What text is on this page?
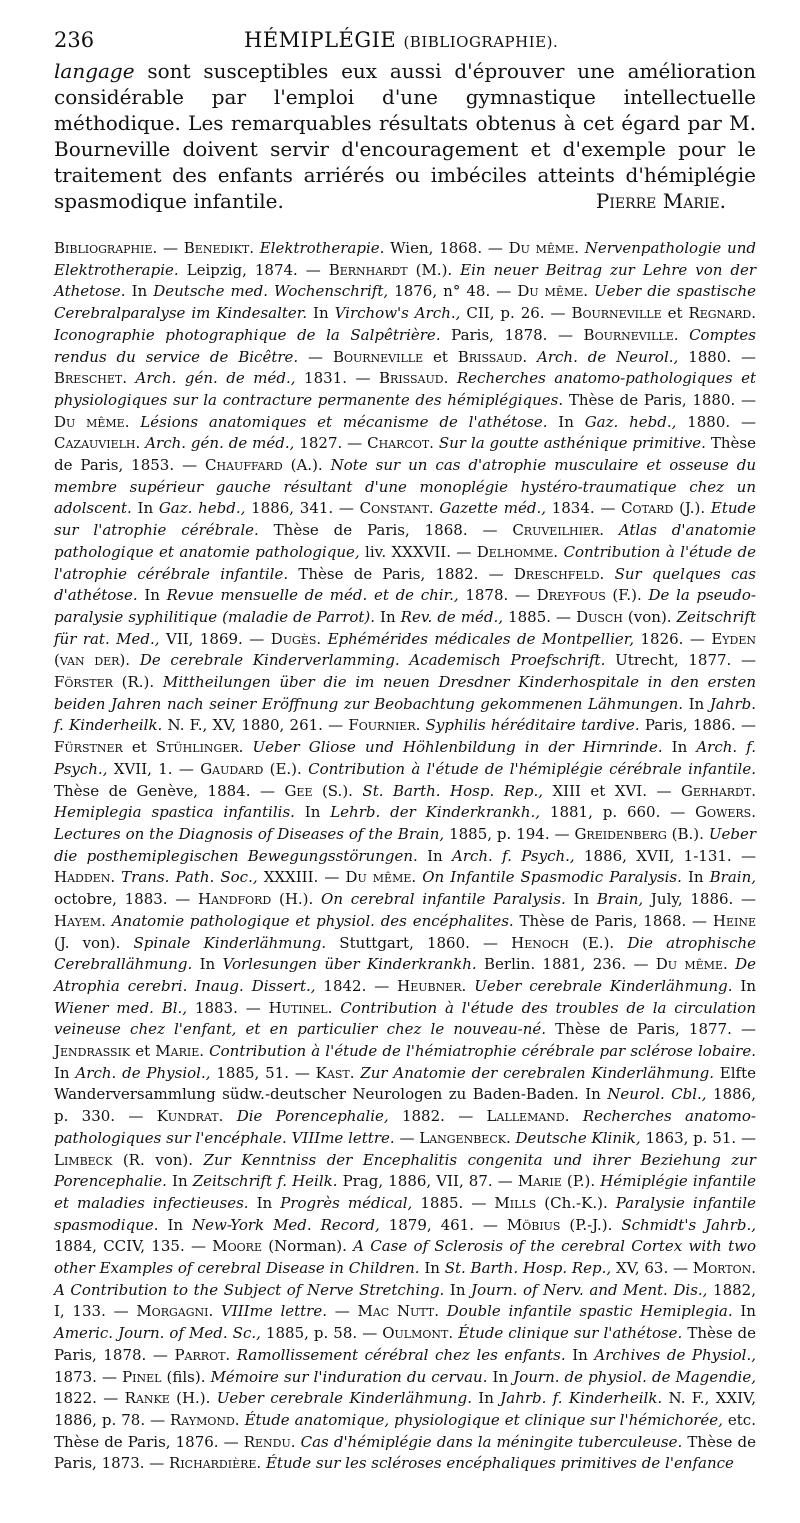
236	HÉMIPLÉGIE (BIBLIOGRAPHIE).

langage sont susceptibles eux aussi d'éprouver une amélioration considérable par l'emploi d'une gymnastique intellectuelle méthodique. Les remarquables résultats obtenus à cet égard par M. Bourneville doivent servir d'encouragement et d'exemple pour le traitement des enfants arriérés ou imbéciles atteints d'hémiplégie spasmodique infantile.	Pierre Marie.

Bibliographie. — Benedikt. Elektrotherapie. Wien, 1868. — Du même. Nervenpathologie und Elektrotherapie. Leipzig, 1874. — Bernhardt (M.). Ein neuer Beitrag zur Lehre von der Athetose. In Deutsche med. Wochenschrift, 1876, n° 48. — Du même. Ueber die spastische Cerebralparalyse im Kindesalter. In Virchow's Arch., CII, p. 26. — Bourneville et Regnard. Iconographie photographique de la Salpêtrière. Paris, 1878. — Bourneville. Comptes rendus du service de Bicêtre. — Bourneville et Brissaud. Arch. de Neurol., 1880. — Breschet. Arch. gén. de méd., 1831. — Brissaud. Recherches anatomo-pathologiques et physiologiques sur la contracture permanente des hémiplégiques. Thèse de Paris, 1880. — Du même. Lésions anatomiques et mécanisme de l'athétose. In Gaz. hebd., 1880. — Cazauvielh. Arch. gén. de méd., 1827. — Charcot. Sur la goutte asthénique primitive. Thèse de Paris, 1853. — Chauffard (A.). Note sur un cas d'atrophie musculaire et osseuse du membre supérieur gauche résultant d'une monoplégie hystéro-traumatique chez un adolscent. In Gaz. hebd., 1886, 341. — Constant. Gazette méd., 1834. — Cotard (J.). Etude sur l'atrophie cérébrale. Thèse de Paris, 1868. — Cruveilhier. Atlas d'anatomie pathologique et anatomie pathologique, liv. XXXVII. — Delhomme. Contribution à l'étude de l'atrophie cérébrale infantile. Thèse de Paris, 1882. — Dreschfeld. Sur quelques cas d'athétose. In Revue mensuelle de méd. et de chir., 1878. — Dreyfous (F.). De la pseudo-paralysie syphilitique (maladie de Parrot). In Rev. de méd., 1885. — Dusch (von). Zeitschrift für rat. Med., VII, 1869. — Dugès. Ephémérides médicales de Montpellier, 1826. — Eyden (van der). De cerebrale Kinderverlamming. Academisch Proefschrift. Utrecht, 1877. — Förster (R.). Mittheilungen über die im neuen Dresdner Kinderhospitale in den ersten beiden Jahren nach seiner Eröffnung zur Beobachtung gekommenen Lähmungen. In Jahrb. f. Kinderheilk. N. F., XV, 1880, 261. — Fournier. Syphilis héréditaire tardive. Paris, 1886. — Fürstner et Stühlinger. Ueber Gliose und Höhlenbildung in der Hirnrinde. In Arch. f. Psych., XVII, 1. — Gaudard (E.). Contribution à l'étude de l'hémiplégie cérébrale infantile. Thèse de Genève, 1884. — Gee (S.). St. Barth. Hosp. Rep., XIII et XVI. — Gerhardt. Hemiplegia spastica infantilis. In Lehrb. der Kinderkrankh., 1881, p. 660. — Gowers. Lectures on the Diagnosis of Diseases of the Brain, 1885, p. 194. — Greidenberg (B.). Ueber die posthemiplegischen Bewegungsstörungen. In Arch. f. Psych., 1886, XVII, 1-131. — Hadden. Trans. Path. Soc., XXXIII. — Du même. On Infantile Spasmodic Paralysis. In Brain, octobre, 1883. — Handford (H.). On cerebral infantile Paralysis. In Brain, July, 1886. — Hayem. Anatomie pathologique et physiol. des encéphalites. Thèse de Paris, 1868. — Heine (J. von). Spinale Kinderlähmung. Stuttgart, 1860. — Henoch (E.). Die atrophische Cerebrallähmung. In Vorlesungen über Kinderkrankh. Berlin. 1881, 236. — Du même. De Atrophia cerebri. Inaug. Dissert., 1842. — Heubner. Ueber cerebrale Kinderlähmung. In Wiener med. Bl., 1883. — Hutinel. Contribution à l'étude des troubles de la circulation veineuse chez l'enfant, et en particulier chez le nouveau-né. Thèse de Paris, 1877. — Jendrassik et Marie. Contribution à l'étude de l'hémiatrophie cérébrale par sclérose lobaire. In Arch. de Physiol., 1885, 51. — Kast. Zur Anatomie der cerebralen Kinderlähmung. Elfte Wanderversammlung südw.-deutscher Neurologen zu Baden-Baden. In Neurol. Cbl., 1886, p. 330. — Kundrat. Die Porencephalie, 1882. — Lallemand. Recherches anatomo-pathologiques sur l'encéphale. VIIIme lettre. — Langenbeck. Deutsche Klinik, 1863, p. 51. — Limbeck (R. von). Zur Kenntniss der Encephalitis congenita und ihrer Beziehung zur Porencephalie. In Zeitschrift f. Heilk. Prag, 1886, VII, 87. — Marie (P.). Hémiplégie infantile et maladies infectieuses. In Progrès médical, 1885. — Mills (Ch.-K.). Paralysie infantile spasmodique. In New-York Med. Record, 1879, 461. — Möbius (P.-J.). Schmidt's Jahrb., 1884, CCIV, 135. — Moore (Norman). A Case of Sclerosis of the cerebral Cortex with two other Examples of cerebral Disease in Children. In St. Barth. Hosp. Rep., XV, 63. — Morton. A Contribution to the Subject of Nerve Stretching. In Journ. of Nerv. and Ment. Dis., 1882, I, 133. — Morgagni. VIIIme lettre. — Mac Nutt. Double infantile spastic Hemiplegia. In Americ. Journ. of Med. Sc., 1885, p. 58. — Oulmont. Étude clinique sur l'athétose. Thèse de Paris, 1878. — Parrot. Ramollissement cérébral chez les enfants. In Archives de Physiol., 1873. — Pinel (fils). Mémoire sur l'induration du cervau. In Journ. de physiol. de Magendie, 1822. — Ranke (H.). Ueber cerebrale Kinderlähmung. In Jahrb. f. Kinderheilk. N. F., XXIV, 1886, p. 78. — Raymond. Étude anatomique, physiologique et clinique sur l'hémichorée, etc. Thèse de Paris, 1876. — Rendu. Cas d'hémiplégie dans la méningite tuberculeuse. Thèse de Paris, 1873. — Richardière. Étude sur les scléroses encéphaliques primitives de l'enfance
